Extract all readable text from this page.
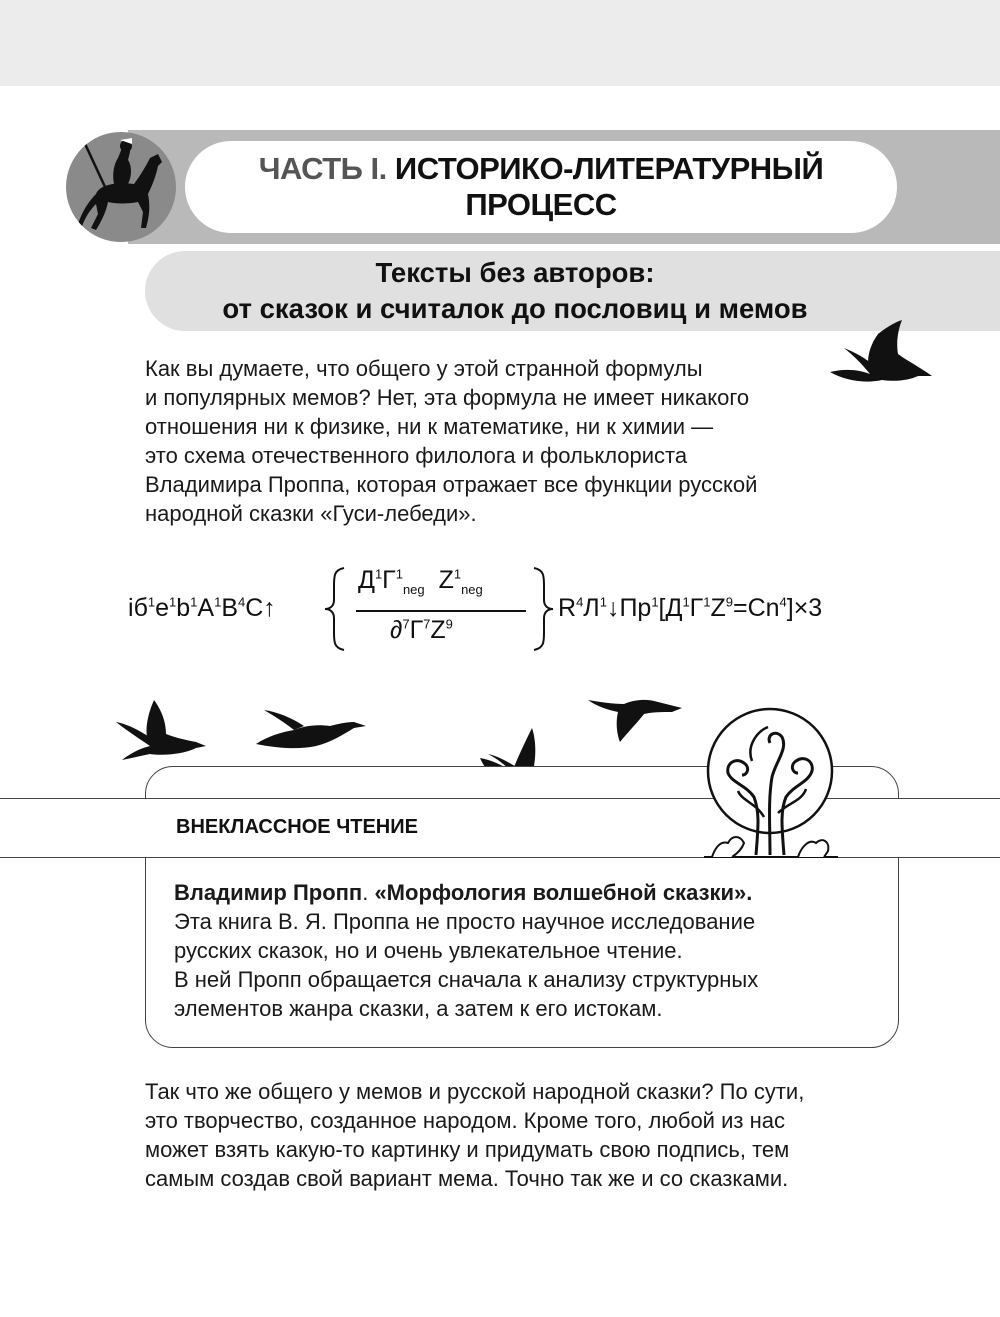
ЧАСТЬ I. ИСТОРИКО-ЛИТЕРАТУРНЫЙ
ПРОЦЕСС
Тексты без авторов:
от сказок и считалок до пословиц и мемов
Как вы думаете, что общего у этой странной формулы
и популярных мемов? Нет, эта формула не имеет никакого
отношения ни к физике, ни к математике, ни к химии —
это схема отечественного филолога и фольклориста
Владимира Проппа, которая отражает все функции русской
народной сказки «Гуси-лебеди».
$іб^1е^1b^1A^1B^4C↑$
$Д^1Г^1_{neg}$ $Z^1_{neg}$
$\partial^7Г^7Z^9$
$R^4Л^1↓Пр^1[Д^1Г^1Z^9=Сn^4]\times 3$
ВНЕКЛАССНОЕ ЧТЕНИЕ
Владимир Пропп. «Морфология волшебной сказки».
Эта книга В. Я. Проппа не просто научное исследование
русских сказок, но и очень увлекательное чтение.
В ней Пропп обращается сначала к анализу структурных
элементов жанра сказки, а затем к его истокам.
Так что же общего у мемов и русской народной сказки? По сути,
это творчество, созданное народом. Кроме того, любой из нас
может взять какую-то картинку и придумать свою подпись, тем
самым создав свой вариант мема. Точно так же и со сказками.
